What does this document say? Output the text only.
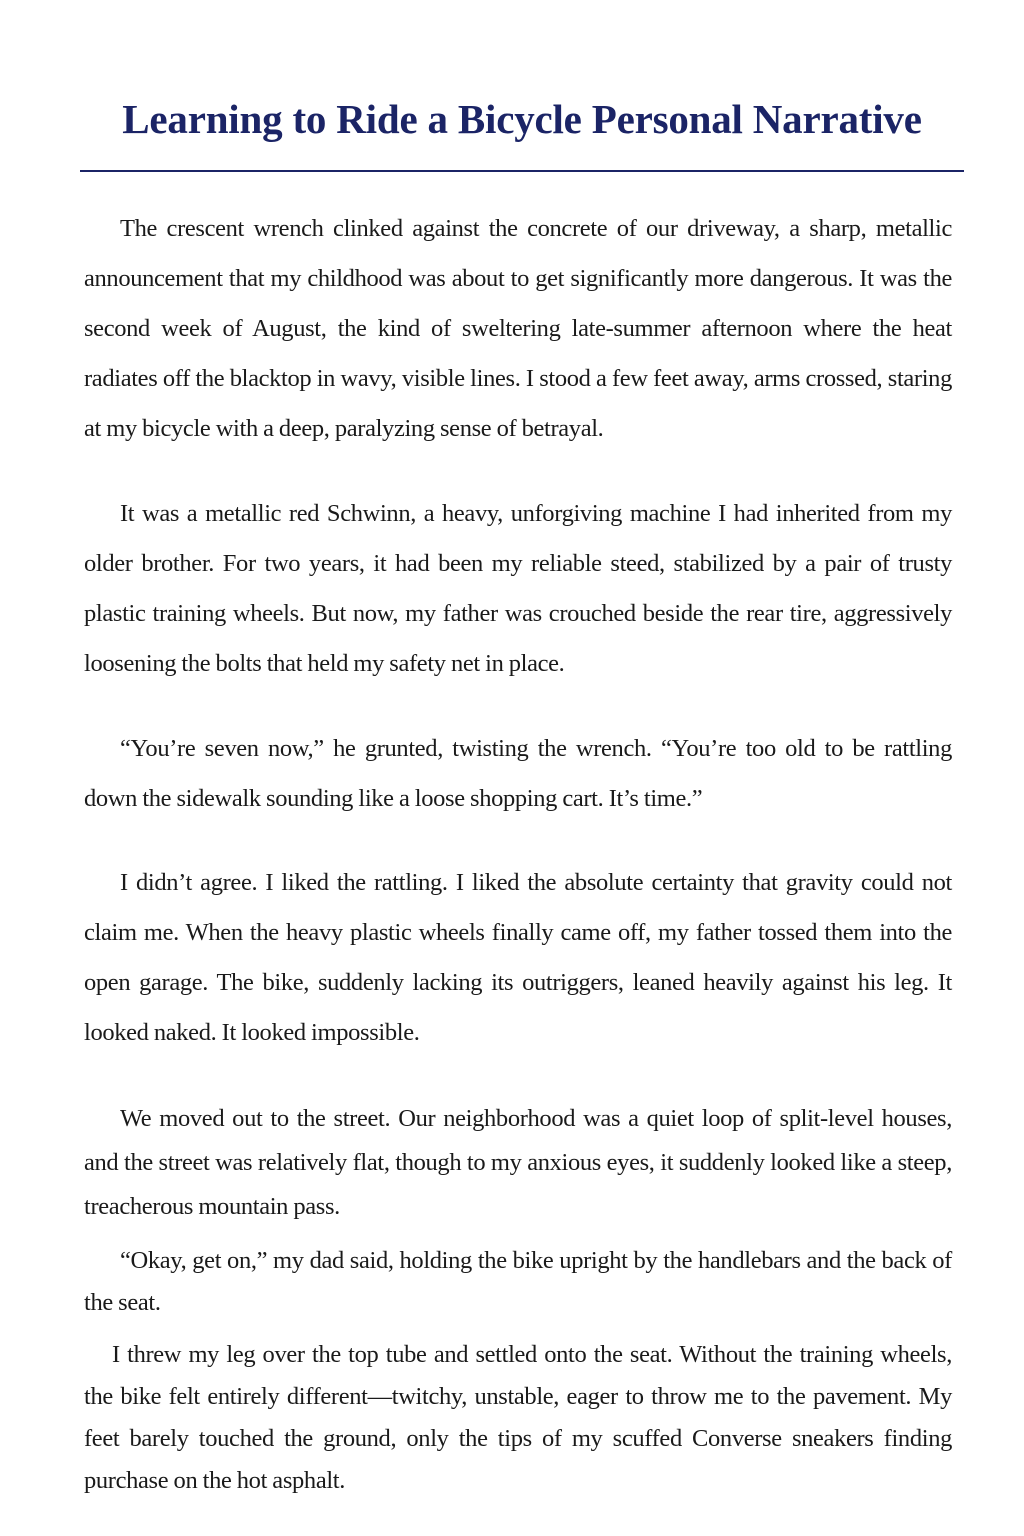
Learning to Ride a Bicycle Personal Narrative

The crescent wrench clinked against the concrete of our driveway, a sharp, metallic announcement that my childhood was about to get significantly more dangerous. It was the second week of August, the kind of sweltering late-summer afternoon where the heat radiates off the blacktop in wavy, visible lines. I stood a few feet away, arms crossed, staring at my bicycle with a deep, paralyzing sense of betrayal.

It was a metallic red Schwinn, a heavy, unforgiving machine I had inherited from my older brother. For two years, it had been my reliable steed, stabilized by a pair of trusty plastic training wheels. But now, my father was crouched beside the rear tire, aggressively loosening the bolts that held my safety net in place.

“You’re seven now,” he grunted, twisting the wrench. “You’re too old to be rattling down the sidewalk sounding like a loose shopping cart. It’s time.”

I didn’t agree. I liked the rattling. I liked the absolute certainty that gravity could not claim me. When the heavy plastic wheels finally came off, my father tossed them into the open garage. The bike, suddenly lacking its outriggers, leaned heavily against his leg. It looked naked. It looked impossible.

We moved out to the street. Our neighborhood was a quiet loop of split-level houses, and the street was relatively flat, though to my anxious eyes, it suddenly looked like a steep, treacherous mountain pass.

“Okay, get on,” my dad said, holding the bike upright by the handlebars and the back of the seat.

I threw my leg over the top tube and settled onto the seat. Without the training wheels, the bike felt entirely different—twitchy, unstable, eager to throw me to the pavement. My feet barely touched the ground, only the tips of my scuffed Converse sneakers finding purchase on the hot asphalt.
